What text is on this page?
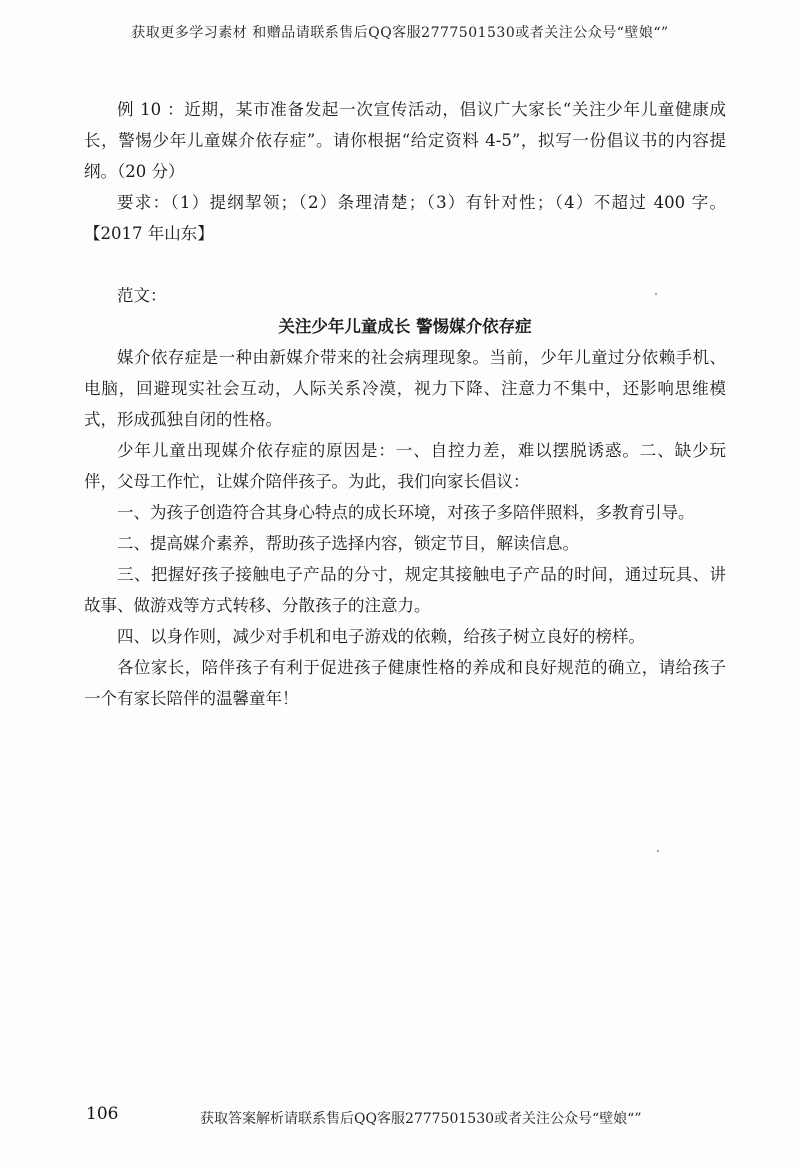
获取更多学习素材 和赠品请联系售后QQ客服2777501530或者关注公众号“壁娘“”

例 10 ：近期，某市准备发起一次宣传活动，倡议广大家长“关注少年儿童健康成长，警惕少年儿童媒介依存症”。请你根据“给定资料 4-5”，拟写一份倡议书的内容提纲。（20 分）

要求：（1）提纲挈领；（2）条理清楚；（3）有针对性；（4）不超过 400 字。【2017 年山东】

范文：

关注少年儿童成长 警惕媒介依存症

媒介依存症是一种由新媒介带来的社会病理现象。当前，少年儿童过分依赖手机、电脑，回避现实社会互动，人际关系冷漠，视力下降、注意力不集中，还影响思维模式，形成孤独自闭的性格。

少年儿童出现媒介依存症的原因是：一、自控力差，难以摆脱诱惑。二、缺少玩伴，父母工作忙，让媒介陪伴孩子。为此，我们向家长倡议：

一、为孩子创造符合其身心特点的成长环境，对孩子多陪伴照料，多教育引导。

二、提高媒介素养，帮助孩子选择内容，锁定节目，解读信息。

三、把握好孩子接触电子产品的分寸，规定其接触电子产品的时间，通过玩具、讲故事、做游戏等方式转移、分散孩子的注意力。

四、以身作则，减少对手机和电子游戏的依赖，给孩子树立良好的榜样。

各位家长，陪伴孩子有利于促进孩子健康性格的养成和良好规范的确立，请给孩子一个有家长陪伴的温馨童年！

106	获取答案解析请联系售后QQ客服2777501530或者关注公众号“壁娘“”
